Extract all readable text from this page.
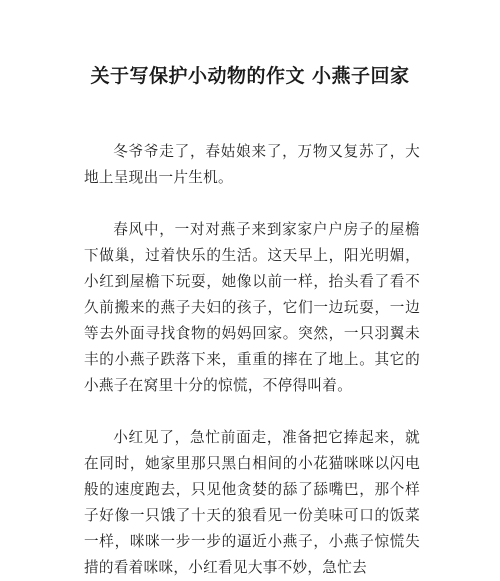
关于写保护小动物的作文 小燕子回家

冬爷爷走了，春姑娘来了，万物又复苏了，大地上呈现出一片生机。

春风中，一对对燕子来到家家户户房子的屋檐下做巢，过着快乐的生活。这天早上，阳光明媚，小红到屋檐下玩耍，她像以前一样，抬头看了看不久前搬来的燕子夫妇的孩子，它们一边玩耍，一边等去外面寻找食物的妈妈回家。突然，一只羽翼未丰的小燕子跌落下来，重重的摔在了地上。其它的小燕子在窝里十分的惊慌，不停得叫着。

小红见了，急忙前面走，准备把它捧起来，就在同时，她家里那只黑白相间的小花猫咪咪以闪电般的速度跑去，只见他贪婪的舔了舔嘴巴，那个样子好像一只饿了十天的狼看见一份美味可口的饭菜一样，咪咪一步一步的逼近小燕子，小燕子惊慌失措的看着咪咪，小红看见大事不妙，急忙去
